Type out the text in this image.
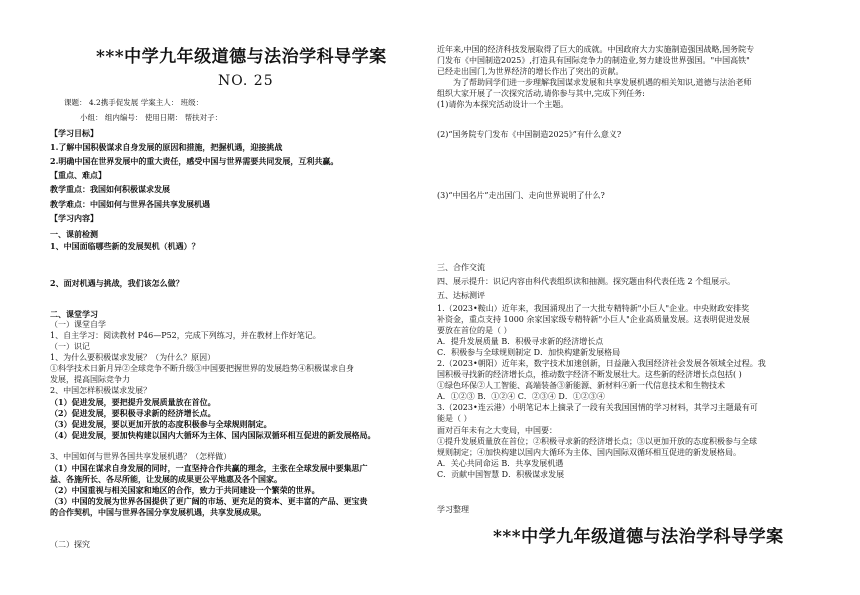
***中学九年级道德与法治学科导学案
NO. 25
课题： 4.2携手促发展 学案主人： 班级：
小组： 组内编号： 使用日期： 帮扶对子：
【学习目标】
1.了解中国积极谋求自身发展的原因和措施，把握机遇，迎接挑战
2.明确中国在世界发展中的重大责任，感受中国与世界需要共同发展，互利共赢。
【重点、难点】
教学重点：我国如何积极谋求发展
教学难点：中国如何与世界各国共享发展机遇
【学习内容】
一、课前检测
1、中国面临哪些新的发展契机（机遇）？
2、面对机遇与挑战，我们该怎么做？
二、课堂学习
（一）课堂自学
1、自主学习：阅读教材 P46—P52，完成下列练习，并在教材上作好笔记。
（一）识记
1、为什么要积极谋求发展？（为什么？原因）
①科学技术日新月异②全球竞争不断升级③中国要把握世界的发展趋势④积极谋求自身
发展，提高国际竞争力
2、中国怎样积极谋求发展？
（1）促进发展，要把提升发展质量放在首位。
（2）促进发展，要积极寻求新的经济增长点。
（3）促进发展，要以更加开放的态度积极参与全球规则制定。
（4）促进发展，要加快构建以国内大循环为主体、国内国际双循环相互促进的新发展格局。
3、中国如何与世界各国共享发展机遇？（怎样做）
（1）中国在谋求自身发展的同时，一直坚持合作共赢的理念，主张在全球发展中要集思广
益、各施所长、各尽所能，让发展的成果更公平地惠及各个国家。
（2）中国重视与相关国家和地区的合作，致力于共同建设一个繁荣的世界。
（3）中国的发展为世界各国提供了更广阔的市场、更充足的资本、更丰富的产品、更宝贵
的合作契机，中国与世界各国分享发展机遇，共享发展成果。
（二）探究
近年来,中国的经济科技发展取得了巨大的成就。中国政府大力实施制造强国战略,国务院专
门发布《中国制造2025》,打造具有国际竞争力的制造业,努力建设世界强国。"中国高铁"
已经走出国门,为世界经济的增长作出了突出的贡献。
为了帮助同学们进一步理解我国谋求发展和共享发展机遇的相关知识,道德与法治老师
组织大家开展了一次探究活动,请你参与其中,完成下列任务:
(1)请你为本探究活动设计一个主题。
(2)“国务院专门发布《中国制造2025》”有什么意义?
(3)“中国名片”走出国门、走向世界说明了什么?
三、合作交流
四、展示提升：识记内容由科代表组织读和抽测。探究题由科代表任选 2 个组展示。
五、达标测评
1.（2023•鞍山）近年来，我国涌现出了一大批专精特新"小巨人"企业。中央财政安排奖
补资金，重点支持 1000 余家国家级专精特新"小巨人"企业高质量发展。这表明促进发展
要放在首位的是（ ）
A．提升发展质量 B．积极寻求新的经济增长点
C．积极参与全球规则制定 D．加快构建新发展格局
2.（2023•朝阳）近年来，数字技术加速创新，日益融入我国经济社会发展各领域全过程。我
国积极寻找新的经济增长点，推动数字经济不断发展壮大。这些新的经济增长点包括( )
①绿色环保②人工智能、高端装备③新能源、新材料④新一代信息技术和生物技术
A．①②③ B．①②④ C．②③④ D．①②③④
3.（2023•连云港）小明笔记本上摘录了一段有关我国国情的学习材料，其学习主题最有可
能是（ ）
面对百年未有之大变局，中国要：
①提升发展质量放在首位；②积极寻求新的经济增长点；③以更加开放的态度积极参与全球
规则制定；④加快构建以国内大循环为主体、国内国际双循环相互促进的新发展格局。
A．关心共同命运 B．共享发展机遇
C．贡献中国智慧 D．积极谋求发展
学习整理
***中学九年级道德与法治学科导学案
